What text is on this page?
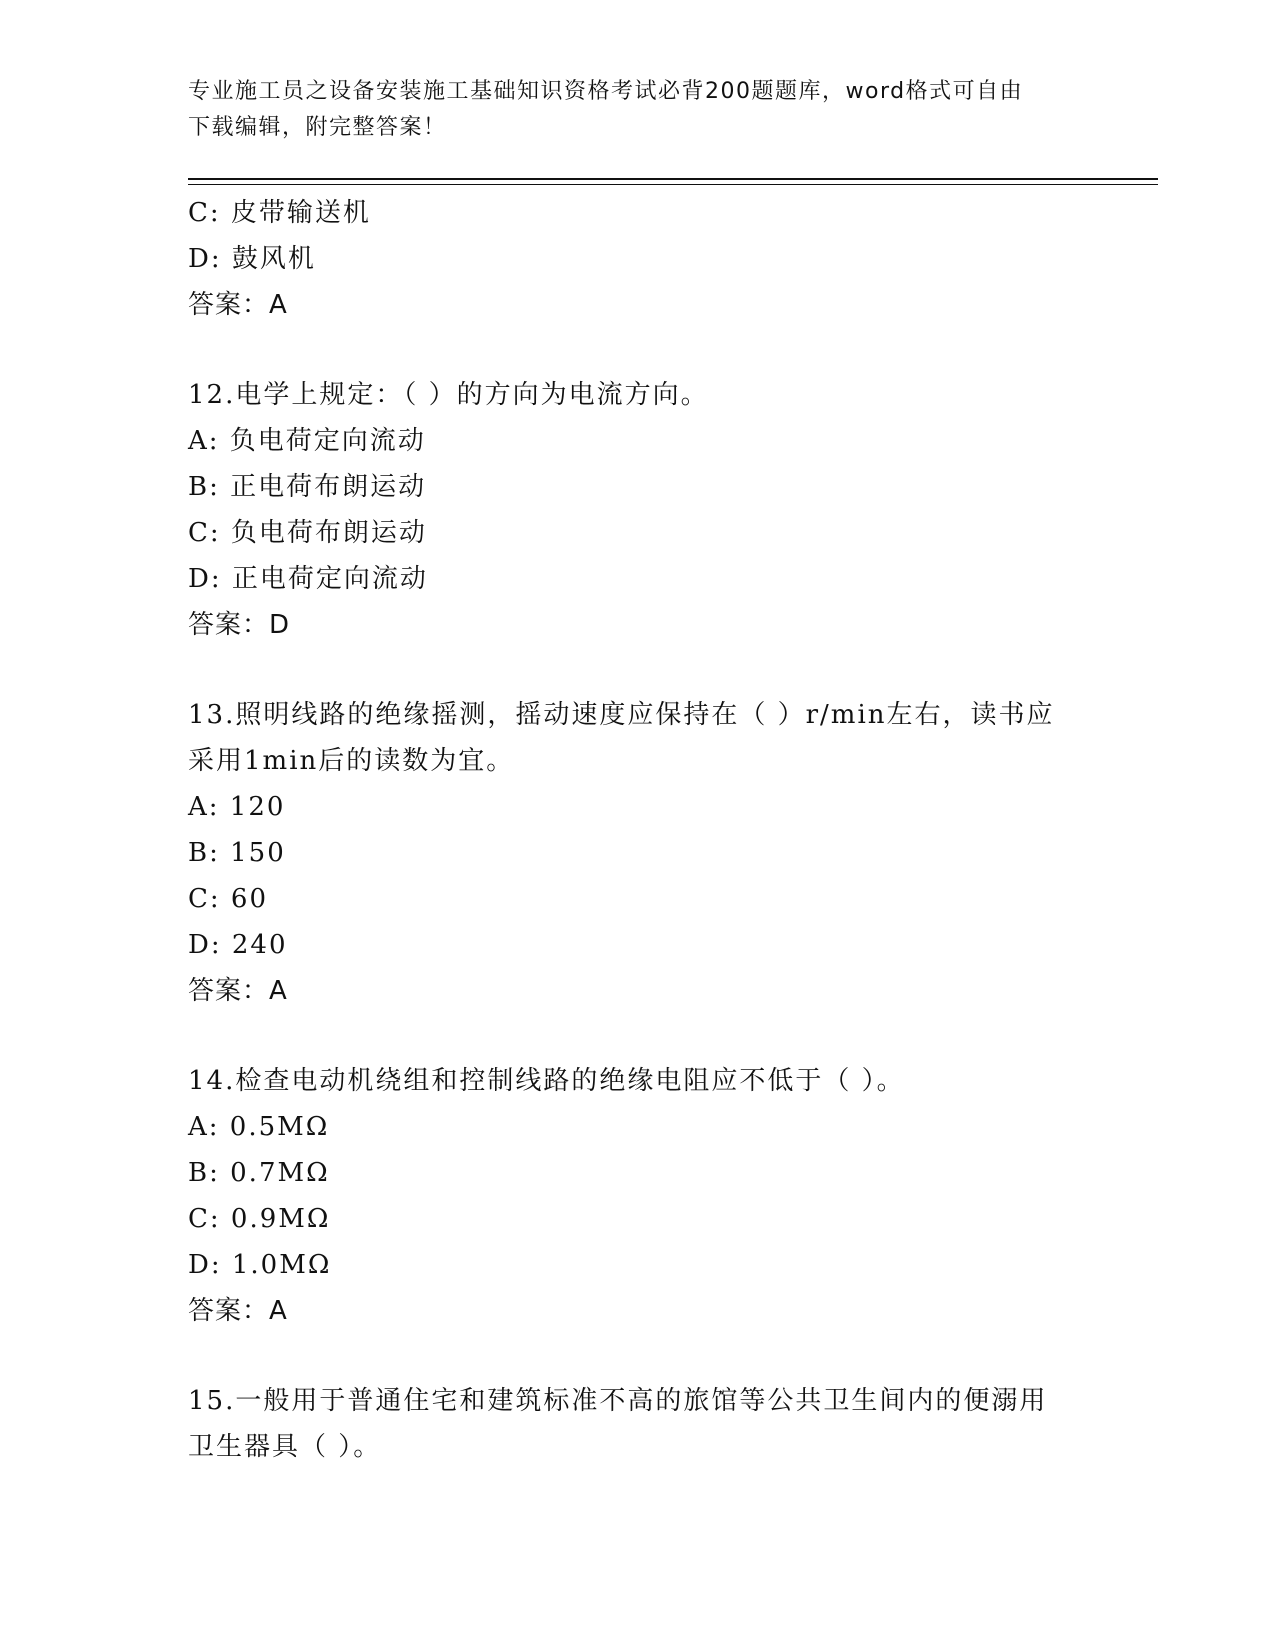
专业施工员之设备安装施工基础知识资格考试必背200题题库，word格式可自由
下载编辑，附完整答案！
C: 皮带输送机
D: 鼓风机
答案：A
12.电学上规定：（ ）的方向为电流方向。
A: 负电荷定向流动
B: 正电荷布朗运动
C: 负电荷布朗运动
D: 正电荷定向流动
答案：D
13.照明线路的绝缘摇测，摇动速度应保持在（ ）r/min左右，读书应
采用1min后的读数为宜。
A: 120
B: 150
C: 60
D: 240
答案：A
14.检查电动机绕组和控制线路的绝缘电阻应不低于（ ）。
A: 0.5MΩ
B: 0.7MΩ
C: 0.9MΩ
D: 1.0MΩ
答案：A
15.一般用于普通住宅和建筑标准不高的旅馆等公共卫生间内的便溺用
卫生器具（ ）。
